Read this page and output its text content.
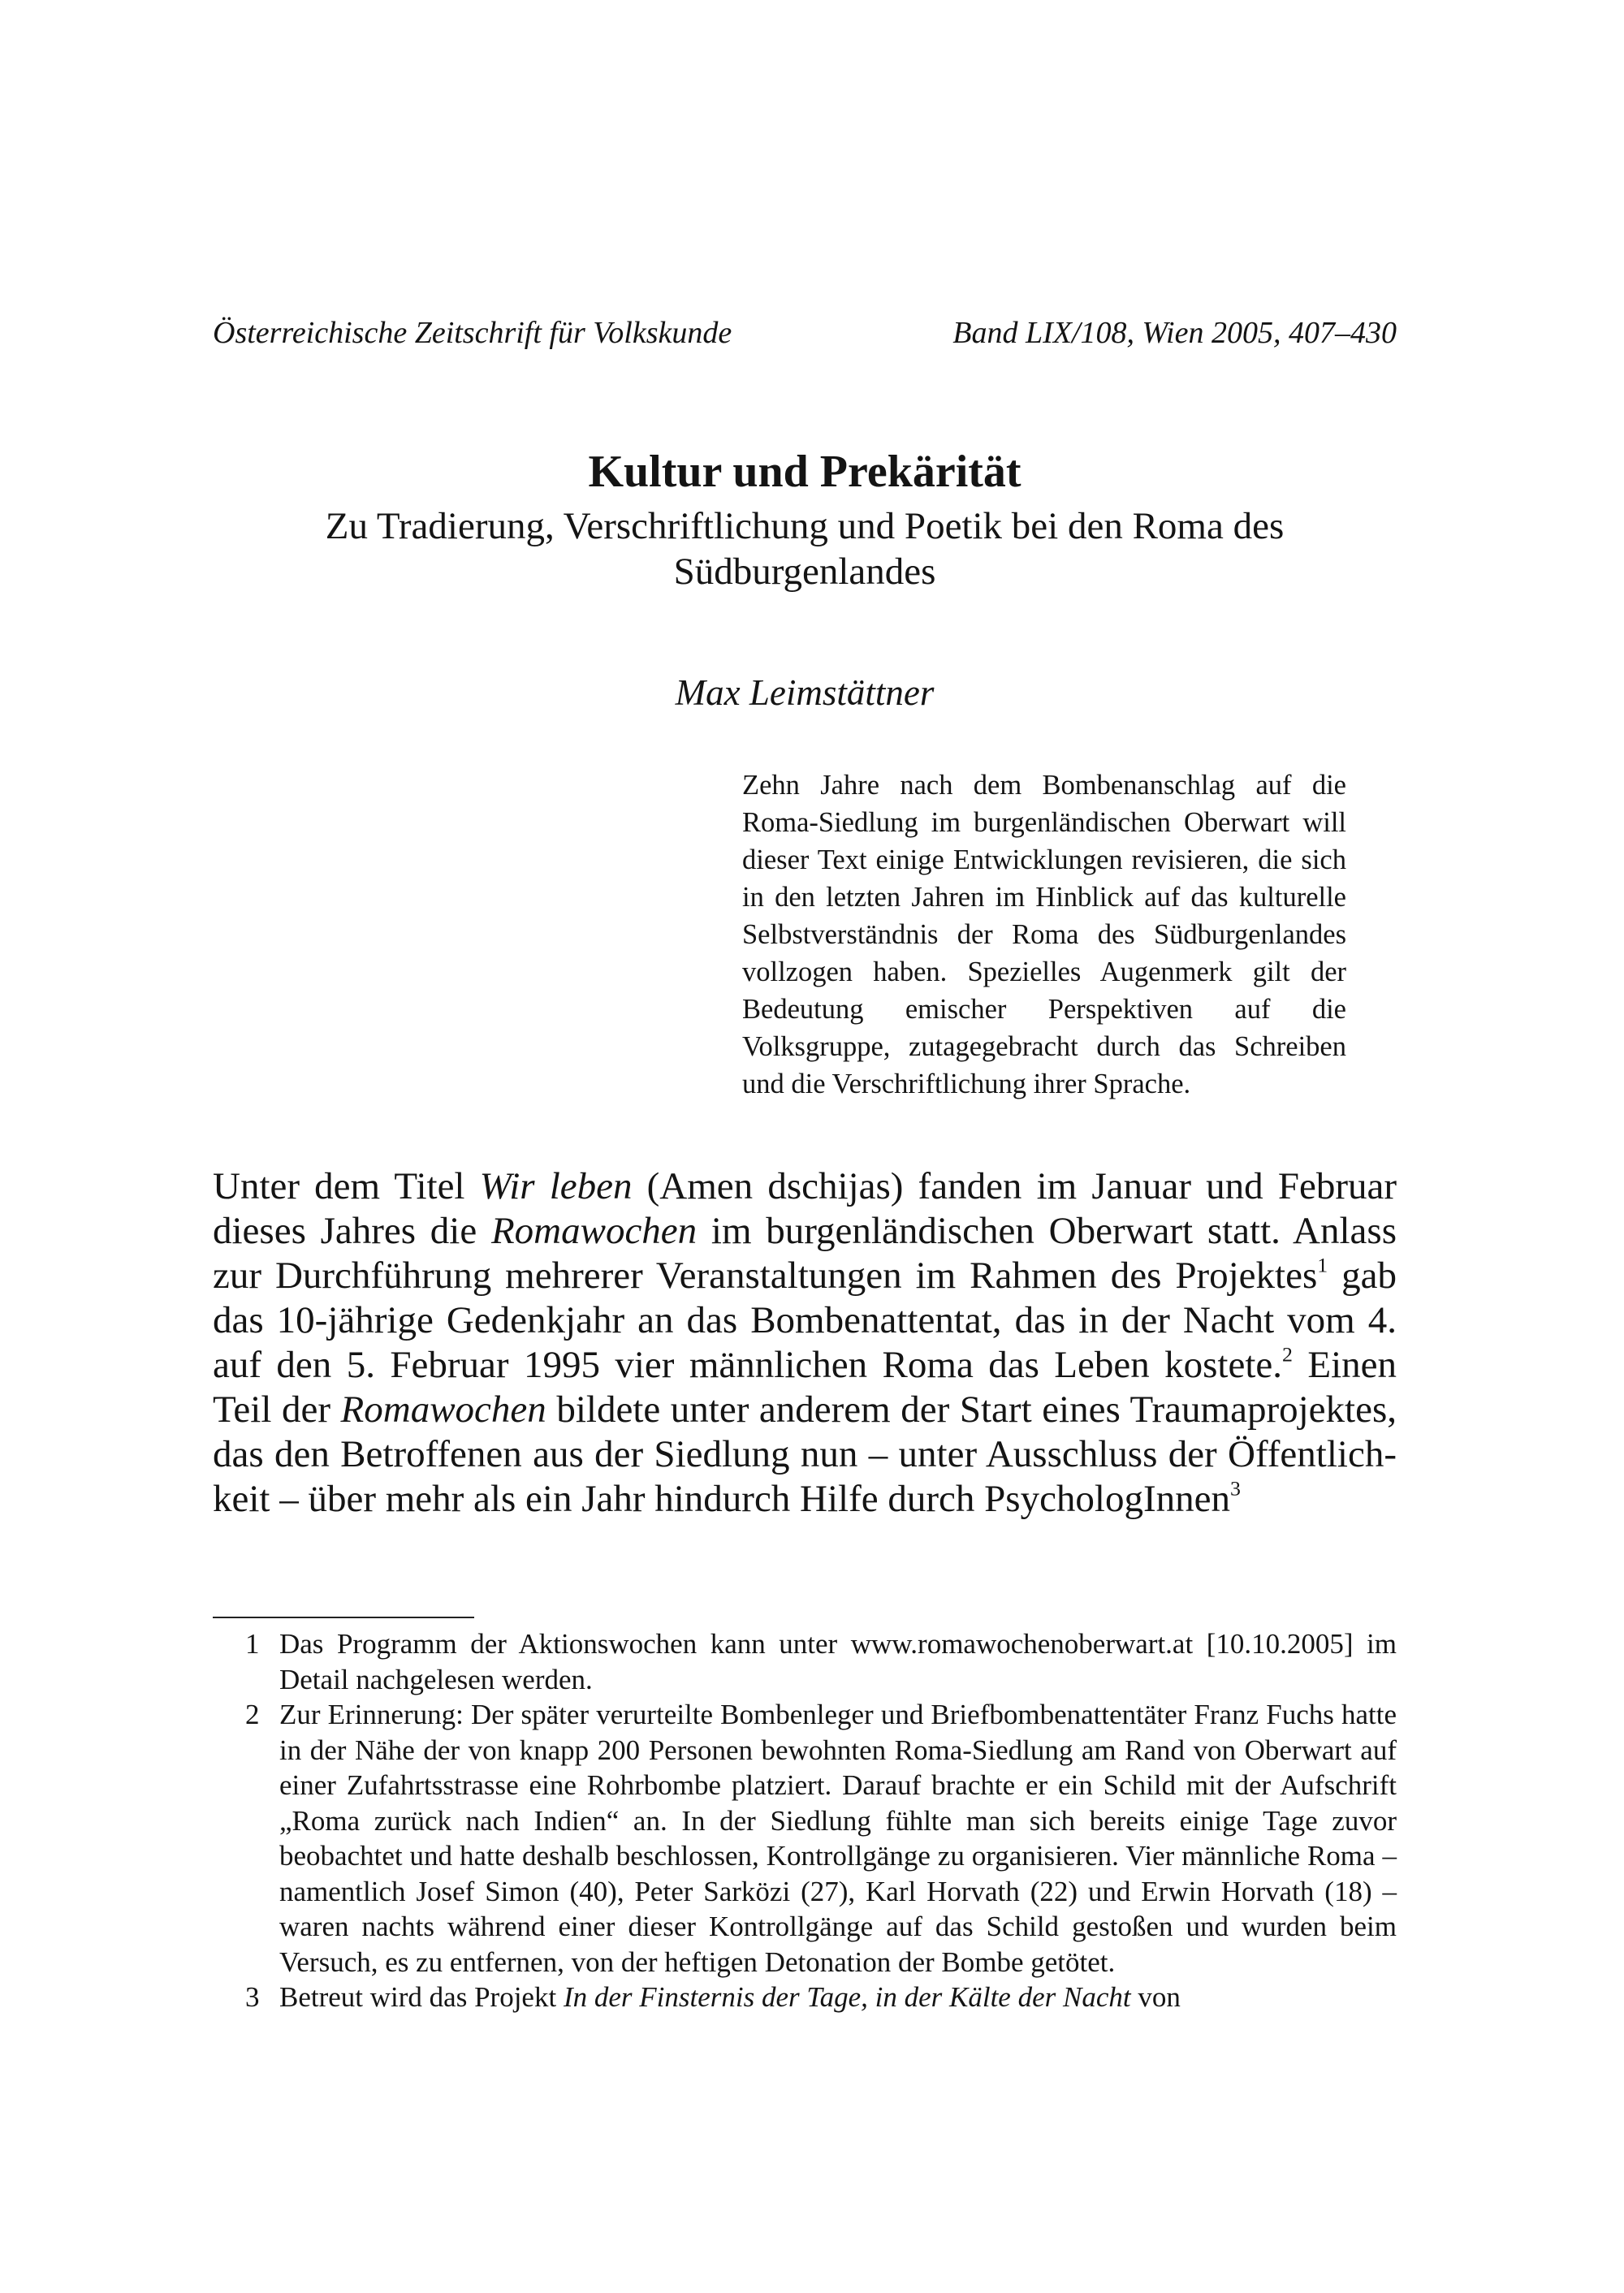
Österreichische Zeitschrift für Volkskunde	Band LIX/108, Wien 2005, 407–430
Kultur und Prekärität
Zu Tradierung, Verschriftlichung und Poetik bei den Roma des Südburgenlandes
Max Leimstättner
Zehn Jahre nach dem Bombenanschlag auf die Roma-Siedlung im burgenländischen Oberwart will dieser Text einige Entwicklungen revisieren, die sich in den letzten Jahren im Hinblick auf das kulturelle Selbstverständnis der Roma des Südburgenlandes vollzogen haben. Spezielles Augenmerk gilt der Bedeutung emischer Perspektiven auf die Volksgruppe, zutagegebracht durch das Schreiben und die Verschriftlichung ihrer Sprache.
Unter dem Titel Wir leben (Amen dschijas) fanden im Januar und Februar dieses Jahres die Romawochen im burgenländischen Oberwart statt. Anlass zur Durchführung mehrerer Veranstaltungen im Rahmen des Projektes$^1$ gab das 10-jährige Gedenkjahr an das Bombenattentat, das in der Nacht vom 4. auf den 5. Februar 1995 vier männlichen Roma das Leben kostete.$^2$ Einen Teil der Romawochen bildete unter anderem der Start eines Traumaprojektes, das den Betroffenen aus der Siedlung nun – unter Ausschluss der Öffentlichkeit – über mehr als ein Jahr hindurch Hilfe durch PsychologInnen$^3$

1 Das Programm der Aktionswochen kann unter www.romawochenoberwart.at [10.10.2005] im Detail nachgelesen werden.

2 Zur Erinnerung: Der später verurteilte Bombenleger und Briefbombenattentäter Franz Fuchs hatte in der Nähe der von knapp 200 Personen bewohnten Roma-Siedlung am Rand von Oberwart auf einer Zufahrtsstrasse eine Rohrbombe platziert. Darauf brachte er ein Schild mit der Aufschrift „Roma zurück nach Indien“ an. In der Siedlung fühlte man sich bereits einige Tage zuvor beobachtet und hatte deshalb beschlossen, Kontrollgänge zu organisieren. Vier männliche Roma – namentlich Josef Simon (40), Peter Sarközi (27), Karl Horvath (22) und Erwin Horvath (18) – waren nachts während einer dieser Kontrollgänge auf das Schild gestoßen und wurden beim Versuch, es zu entfernen, von der heftigen Detonation der Bombe getötet.

3 Betreut wird das Projekt In der Finsternis der Tage, in der Kälte der Nacht von
